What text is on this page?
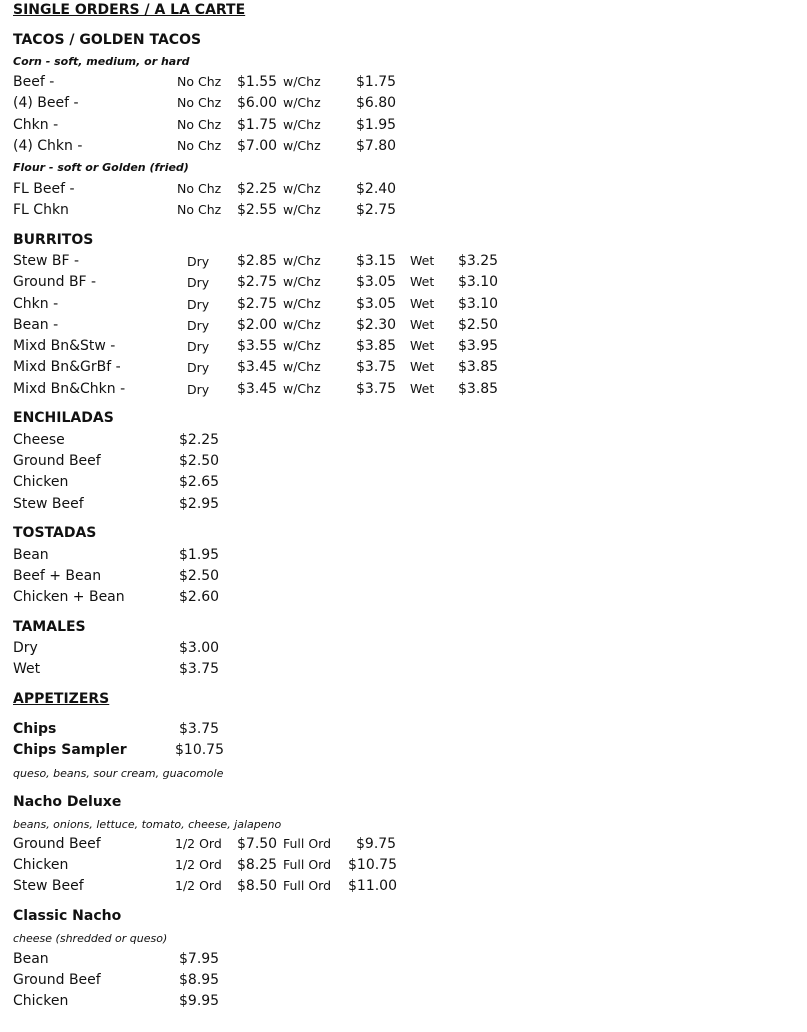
SINGLE ORDERS / A LA CARTE
TACOS / GOLDEN TACOS
Corn - soft, medium, or hard
Beef -	No Chz $1.55 w/Chz	$1.75
(4) Beef -	No Chz $6.00 w/Chz	$6.80
Chkn -	No Chz $1.75 w/Chz	$1.95
(4) Chkn -	No Chz $7.00 w/Chz	$7.80
Flour - soft or Golden (fried)
FL Beef -	No Chz $2.25 w/Chz	$2.40
FL Chkn	No Chz $2.55 w/Chz	$2.75
BURRITOS
Stew BF -	Dry $2.85 w/Chz	$3.15 Wet $3.25
Ground BF -	Dry $2.75 w/Chz	$3.05 Wet $3.10
Chkn -	Dry $2.75 w/Chz	$3.05 Wet $3.10
Bean -	Dry $2.00 w/Chz	$2.30 Wet $2.50
Mixd Bn&Stw -	Dry $3.55 w/Chz	$3.85 Wet $3.95
Mixd Bn&GrBf -	Dry $3.45 w/Chz	$3.75 Wet $3.85
Mixd Bn&Chkn -	Dry $3.45 w/Chz	$3.75 Wet $3.85
ENCHILADAS
Cheese	$2.25
Ground Beef	$2.50
Chicken	$2.65
Stew Beef	$2.95
TOSTADAS
Bean	$1.95
Beef + Bean	$2.50
Chicken + Bean	$2.60
TAMALES
Dry	$3.00
Wet	$3.75
APPETIZERS
Chips	$3.75
Chips Sampler	$10.75
queso, beans, sour cream, guacomole
Nacho Deluxe
beans, onions, lettuce, tomato, cheese, jalapeno
Ground Beef	1/2 Ord $7.50 Full Ord $9.75
Chicken	1/2 Ord $8.25 Full Ord $10.75
Stew Beef	1/2 Ord $8.50 Full Ord $11.00
Classic Nacho
cheese (shredded or queso)
Bean	$7.95
Ground Beef	$8.95
Chicken	$9.95
